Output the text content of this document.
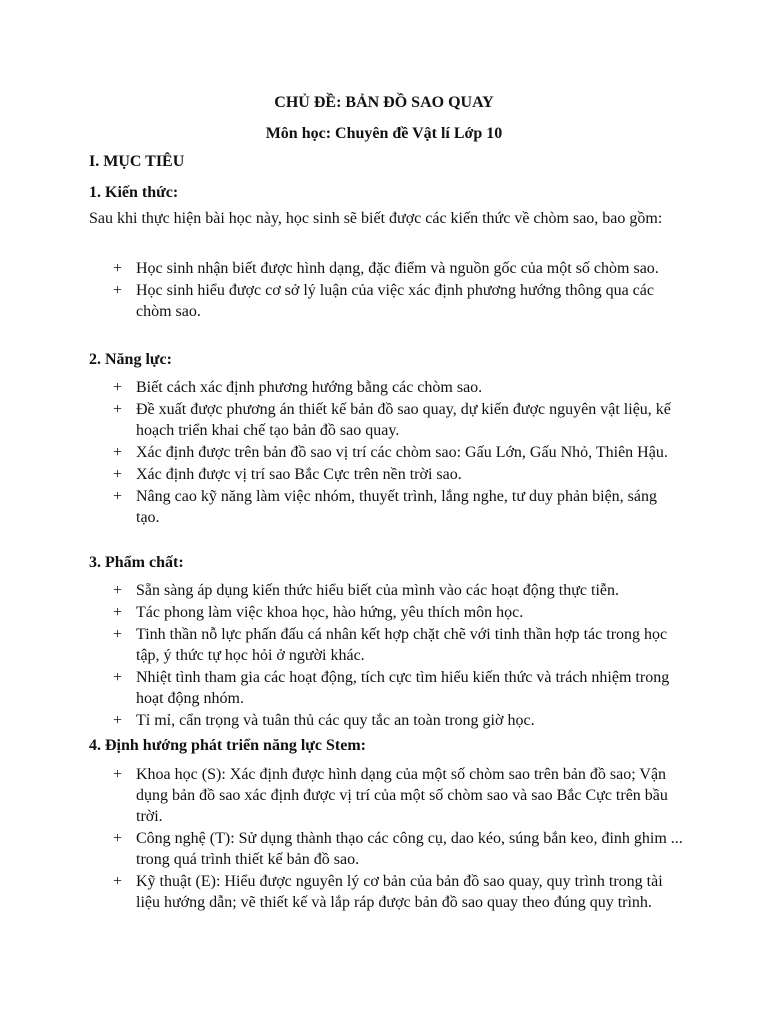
CHỦ ĐỀ: BẢN ĐỒ SAO QUAY
Môn học: Chuyên đề Vật lí Lớp 10
I. MỤC TIÊU
1. Kiến thức:

Sau khi thực hiện bài học này, học sinh sẽ biết được các kiến thức về chòm sao, bao gồm:

+ Học sinh nhận biết được hình dạng, đặc điểm và nguồn gốc của một số chòm sao.
+ Học sinh hiểu được cơ sở lý luận của việc xác định phương hướng thông qua các chòm sao.
2. Năng lực:
+ Biết cách xác định phương hướng bằng các chòm sao.
+ Đề xuất được phương án thiết kế bản đồ sao quay, dự kiến được nguyên vật liệu, kế hoạch triển khai chế tạo bản đồ sao quay.
+ Xác định được trên bản đồ sao vị trí các chòm sao: Gấu Lớn, Gấu Nhỏ, Thiên Hậu.
+ Xác định được vị trí sao Bắc Cực trên nền trời sao.
+ Nâng cao kỹ năng làm việc nhóm, thuyết trình, lắng nghe, tư duy phản biện, sáng tạo.
3. Phẩm chất:
+ Sẵn sàng áp dụng kiến thức hiểu biết của mình vào các hoạt động thực tiễn.
+ Tác phong làm việc khoa học, hào hứng, yêu thích môn học.
+ Tinh thần nỗ lực phấn đấu cá nhân kết hợp chặt chẽ với tinh thần hợp tác trong học tập, ý thức tự học hỏi ở người khác.
+ Nhiệt tình tham gia các hoạt động, tích cực tìm hiểu kiến thức và trách nhiệm trong hoạt động nhóm.
+ Tỉ mỉ, cẩn trọng và tuân thủ các quy tắc an toàn trong giờ học.
4. Định hướng phát triển năng lực Stem:
+ Khoa học (S): Xác định được hình dạng của một số chòm sao trên bản đồ sao; Vận dụng bản đồ sao xác định được vị trí của một số chòm sao và sao Bắc Cực trên bầu trời.
+ Công nghệ (T): Sử dụng thành thạo các công cụ, dao kéo, súng bắn keo, đinh ghim ... trong quá trình thiết kế bản đồ sao.
+ Kỹ thuật (E): Hiểu được nguyên lý cơ bản của bản đồ sao quay, quy trình trong tài liệu hướng dẫn; vẽ thiết kế và lắp ráp được bản đồ sao quay theo đúng quy trình.
